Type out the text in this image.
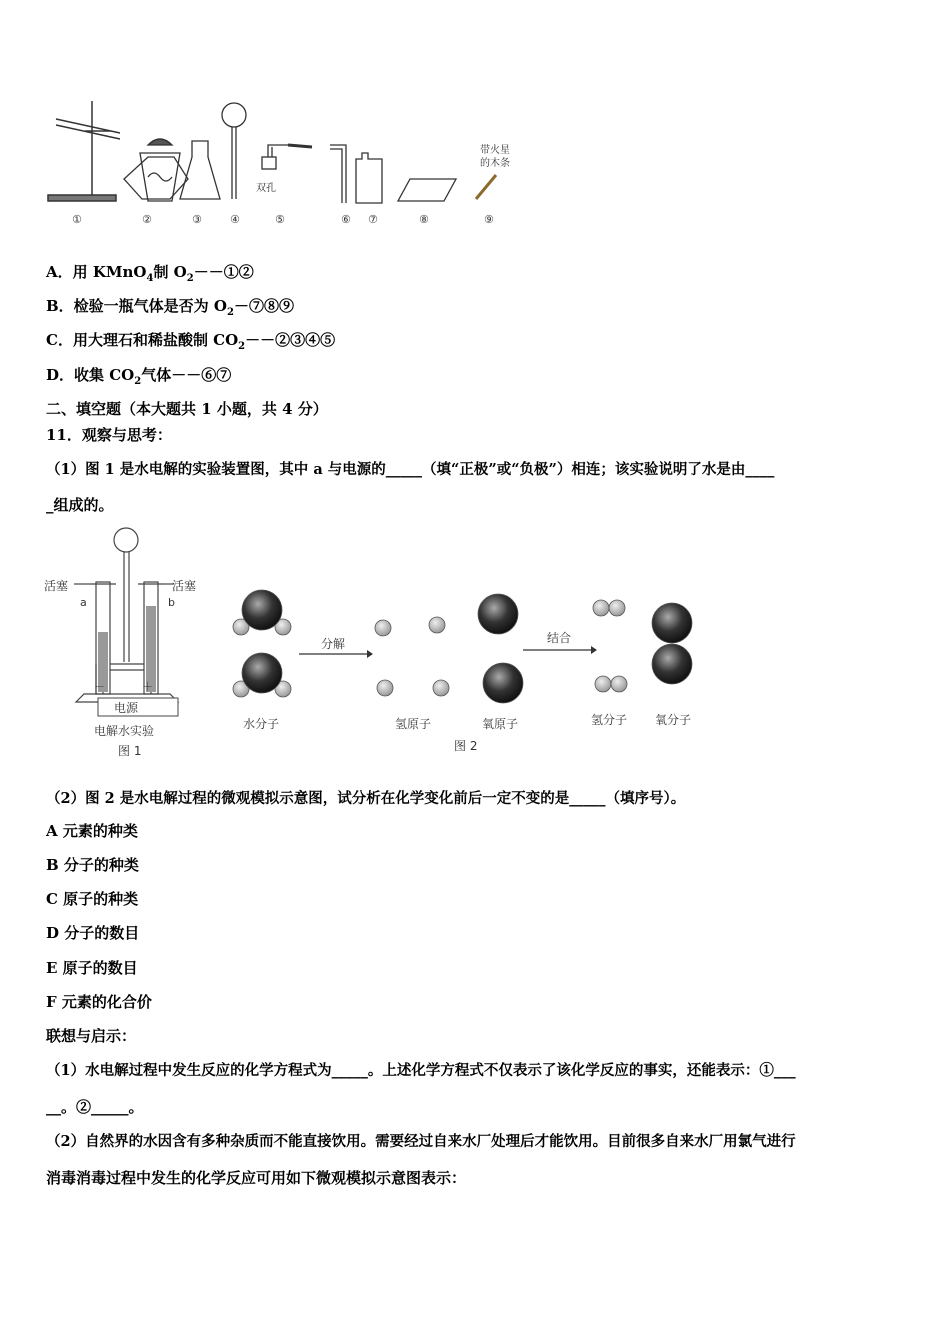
双孔
带火星
的木条
①	②	③	④	⑤	⑥ ⑦	⑧	⑨
A．用 KMnO$_4$制 $O_2--①②$
B．检验一瓶气体是否为 $O_2-⑦⑧⑨$
C．用大理石和稀盐酸制 $CO_2--②③④⑤$
D．收集 $CO_2$气体－－⑥⑦
二、填空题（本大题共 1 小题，共 4 分）
11．观察与思考：
（1）图 1 是水电解的实验装置图，其中 a 与电源的_____（填“正极”或“负极”）相连；该实验说明了水是由____
_组成的。
活塞	活塞
a	b
－	＋
电源
电解水实验
图 1
分解	结合
水分子	氢原子	氧原子	氢分子 氧分子
图 2
（2）图 2 是水电解过程的微观模拟示意图，试分析在化学变化前后一定不变的是_____（填序号）。
A 元素的种类
B 分子的种类
C 原子的种类
D 分子的数目
E 原子的数目
F 元素的化合价
联想与启示：
（1）水电解过程中发生反应的化学方程式为_____。上述化学方程式不仅表示了该化学反应的事实，还能表示：①___
__。②_____。
（2）自然界的水因含有多种杂质而不能直接饮用。需要经过自来水厂处理后才能饮用。目前很多自来水厂用氯气进行
消毒消毒过程中发生的化学反应可用如下微观模拟示意图表示：
